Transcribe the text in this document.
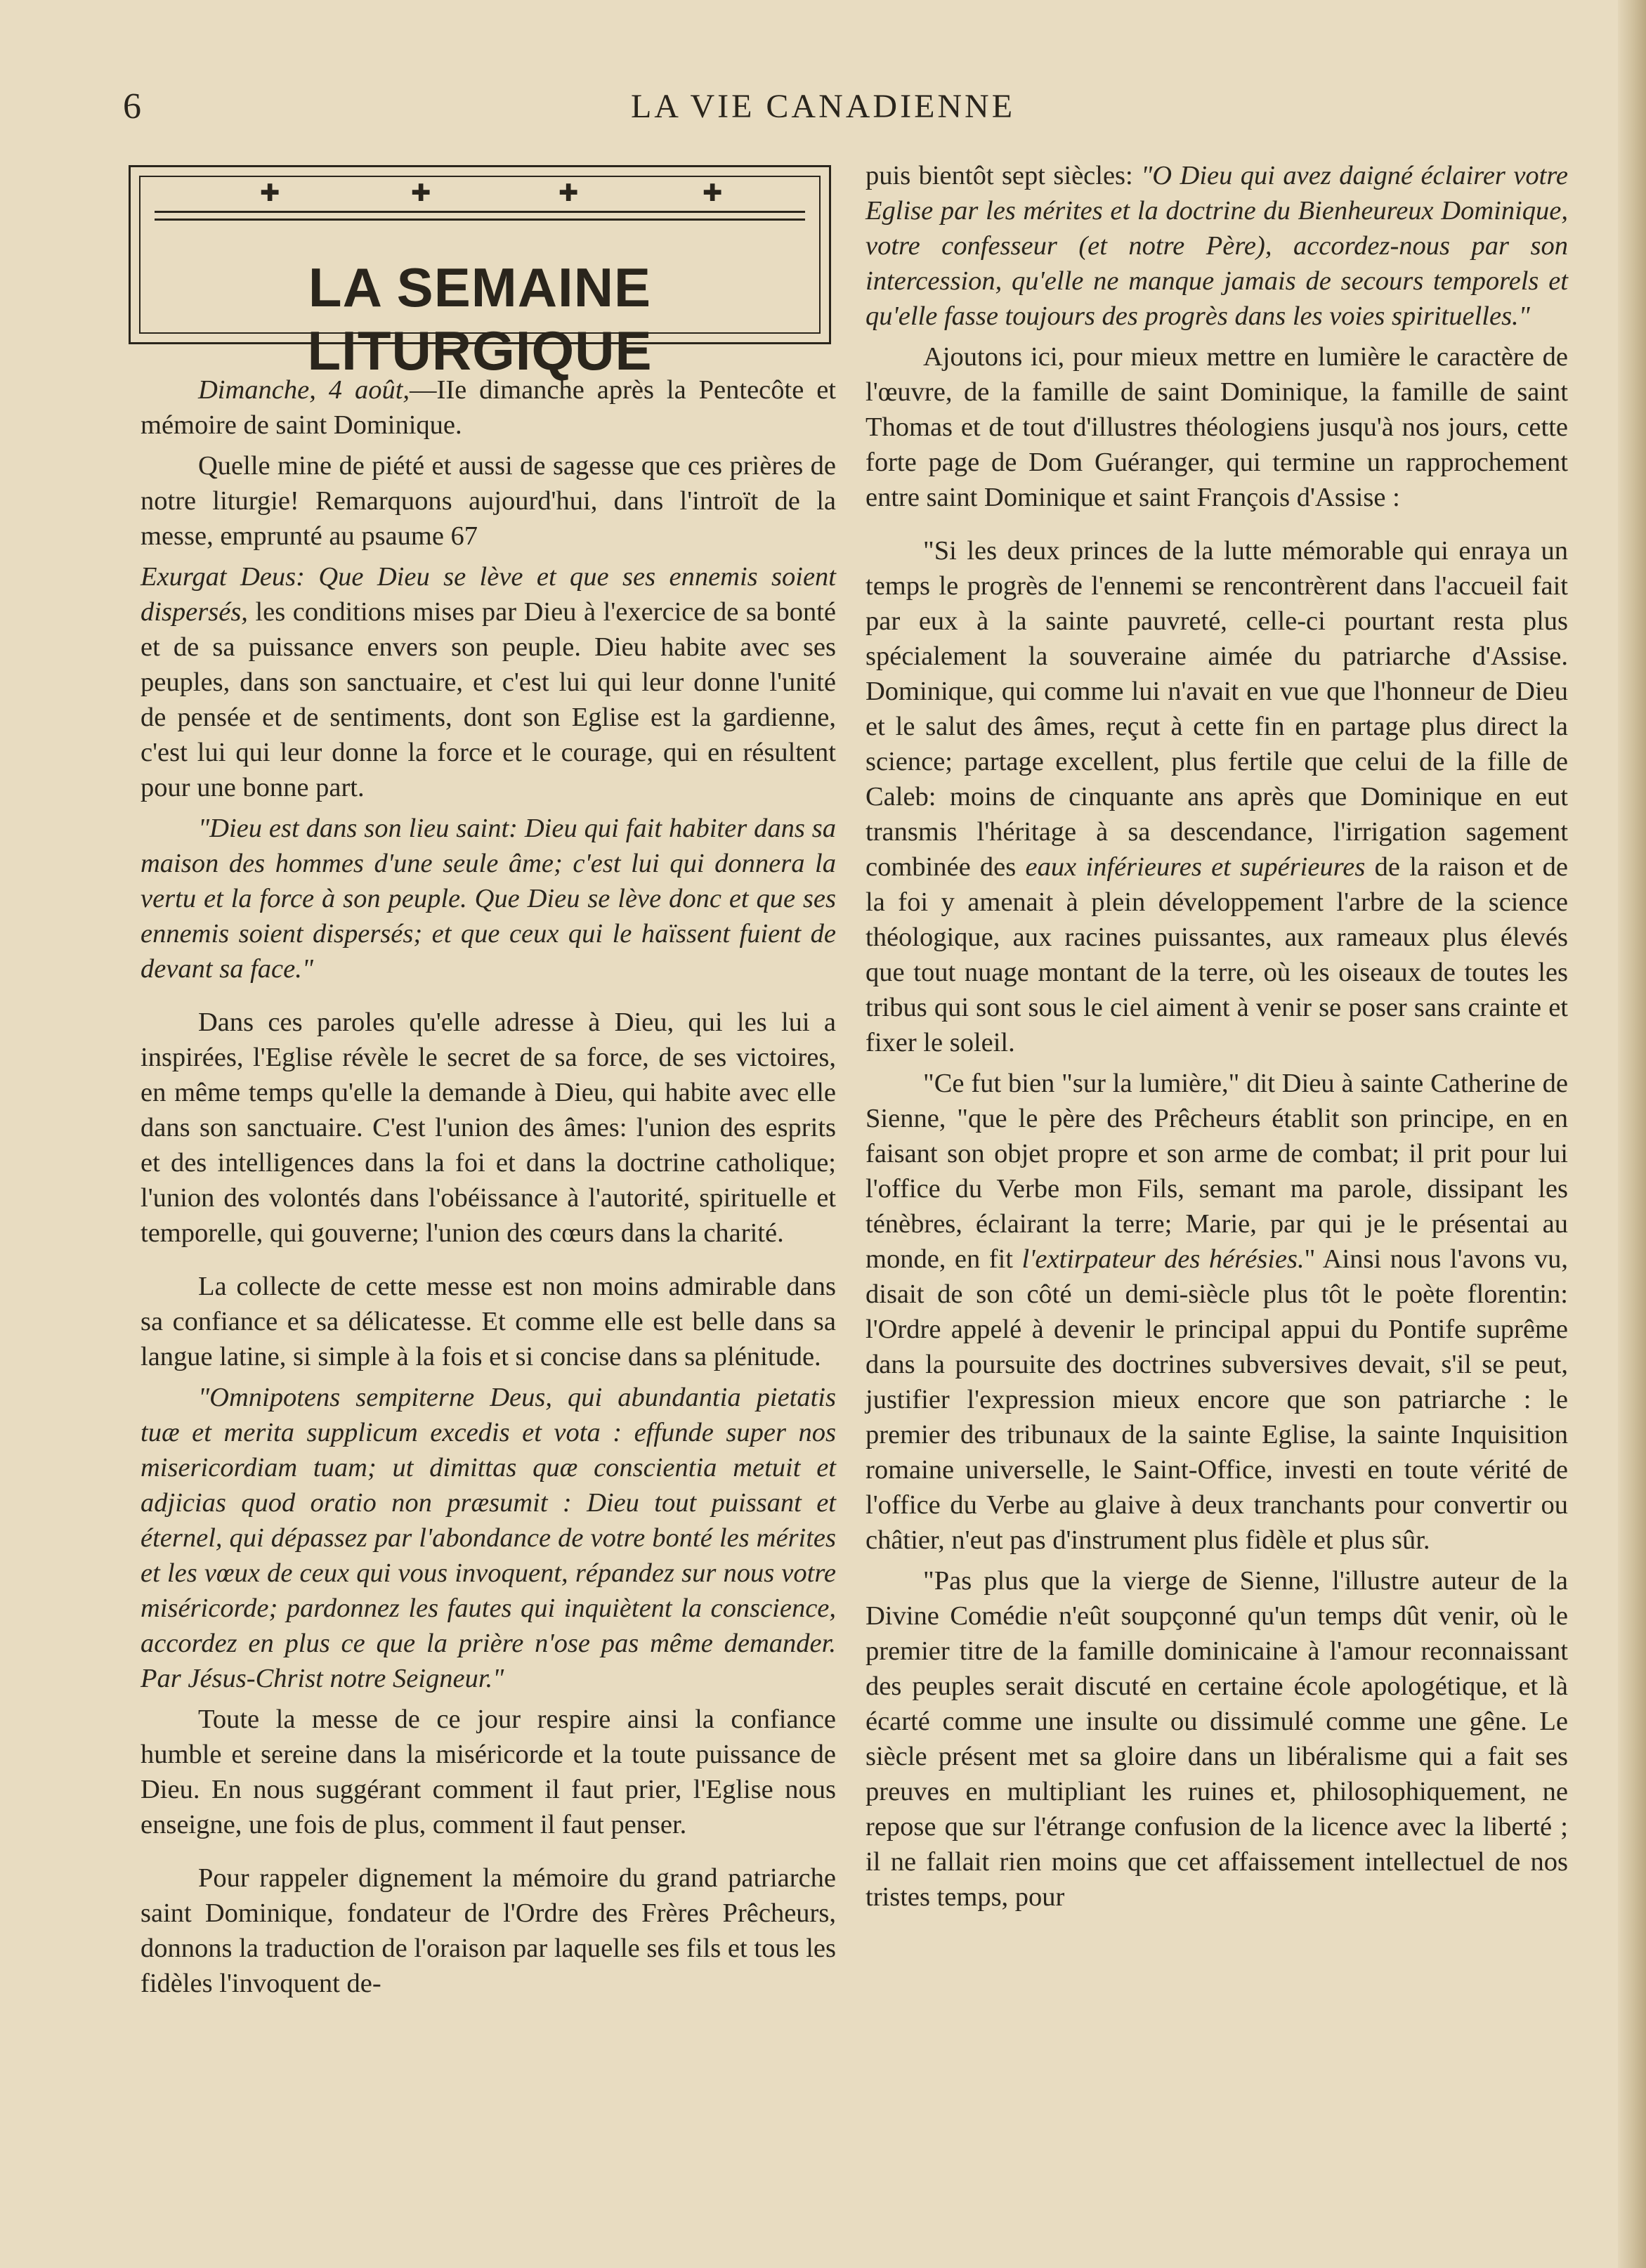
6	LA VIE CANADIENNE
✚	✚	✚	✚
LA SEMAINE LITURGIQUE

Dimanche, 4 août,—IIe dimanche après la Pentecôte et mémoire de saint Dominique.

Quelle mine de piété et aussi de sagesse que ces prières de notre liturgie! Remarquons aujourd'hui, dans l'introït de la messe, emprunté au psaume 67

Exurgat Deus: Que Dieu se lève et que ses ennemis soient dispersés, les conditions mises par Dieu à l'exercice de sa bonté et de sa puissance envers son peuple. Dieu habite avec ses peuples, dans son sanctuaire, et c'est lui qui leur donne l'unité de pensée et de sentiments, dont son Eglise est la gardienne, c'est lui qui leur donne la force et le courage, qui en résultent pour une bonne part.

"Dieu est dans son lieu saint: Dieu qui fait habiter dans sa maison des hommes d'une seule âme; c'est lui qui donnera la vertu et la force à son peuple. Que Dieu se lève donc et que ses ennemis soient dispersés; et que ceux qui le haïssent fuient de devant sa face."

Dans ces paroles qu'elle adresse à Dieu, qui les lui a inspirées, l'Eglise révèle le secret de sa force, de ses victoires, en même temps qu'elle la demande à Dieu, qui habite avec elle dans son sanctuaire. C'est l'union des âmes: l'union des esprits et des intelligences dans la foi et dans la doctrine catholique; l'union des volontés dans l'obéissance à l'autorité, spirituelle et temporelle, qui gouverne; l'union des cœurs dans la charité.

La collecte de cette messe est non moins admirable dans sa confiance et sa délicatesse. Et comme elle est belle dans sa langue latine, si simple à la fois et si concise dans sa plénitude.

"Omnipotens sempiterne Deus, qui abundantia pietatis tuæ et merita supplicum excedis et vota : effunde super nos misericordiam tuam; ut dimittas quæ conscientia metuit et adjicias quod oratio non præsumit : Dieu tout puissant et éternel, qui dépassez par l'abondance de votre bonté les mérites et les vœux de ceux qui vous invoquent, répandez sur nous votre miséricorde; pardonnez les fautes qui inquiètent la conscience, accordez en plus ce que la prière n'ose pas même demander. Par Jésus-Christ notre Seigneur."

Toute la messe de ce jour respire ainsi la confiance humble et sereine dans la miséricorde et la toute puissance de Dieu. En nous suggérant comment il faut prier, l'Eglise nous enseigne, une fois de plus, comment il faut penser.

Pour rappeler dignement la mémoire du grand patriarche saint Dominique, fondateur de l'Ordre des Frères Prêcheurs, donnons la traduction de l'oraison par laquelle ses fils et tous les fidèles l'invoquent de-

puis bientôt sept siècles: "O Dieu qui avez daigné éclairer votre Eglise par les mérites et la doctrine du Bienheureux Dominique, votre confesseur (et notre Père), accordez-nous par son intercession, qu'elle ne manque jamais de secours temporels et qu'elle fasse toujours des progrès dans les voies spirituelles."

Ajoutons ici, pour mieux mettre en lumière le caractère de l'œuvre, de la famille de saint Dominique, la famille de saint Thomas et de tout d'illustres théologiens jusqu'à nos jours, cette forte page de Dom Guéranger, qui termine un rapprochement entre saint Dominique et saint François d'Assise :

"Si les deux princes de la lutte mémorable qui enraya un temps le progrès de l'ennemi se rencontrèrent dans l'accueil fait par eux à la sainte pauvreté, celle-ci pourtant resta plus spécialement la souveraine aimée du patriarche d'Assise. Dominique, qui comme lui n'avait en vue que l'honneur de Dieu et le salut des âmes, reçut à cette fin en partage plus direct la science; partage excellent, plus fertile que celui de la fille de Caleb: moins de cinquante ans après que Dominique en eut transmis l'héritage à sa descendance, l'irrigation sagement combinée des eaux inférieures et supérieures de la raison et de la foi y amenait à plein développement l'arbre de la science théologique, aux racines puissantes, aux rameaux plus élevés que tout nuage montant de la terre, où les oiseaux de toutes les tribus qui sont sous le ciel aiment à venir se poser sans crainte et fixer le soleil.

"Ce fut bien "sur la lumière," dit Dieu à sainte Catherine de Sienne, "que le père des Prêcheurs établit son principe, en en faisant son objet propre et son arme de combat; il prit pour lui l'office du Verbe mon Fils, semant ma parole, dissipant les ténèbres, éclairant la terre; Marie, par qui je le présentai au monde, en fit l'extirpateur des hérésies." Ainsi nous l'avons vu, disait de son côté un demi-siècle plus tôt le poète florentin: l'Ordre appelé à devenir le principal appui du Pontife suprême dans la poursuite des doctrines subversives devait, s'il se peut, justifier l'expression mieux encore que son patriarche : le premier des tribunaux de la sainte Eglise, la sainte Inquisition romaine universelle, le Saint-Office, investi en toute vérité de l'office du Verbe au glaive à deux tranchants pour convertir ou châtier, n'eut pas d'instrument plus fidèle et plus sûr.

"Pas plus que la vierge de Sienne, l'illustre auteur de la Divine Comédie n'eût soupçonné qu'un temps dût venir, où le premier titre de la famille dominicaine à l'amour reconnaissant des peuples serait discuté en certaine école apologétique, et là écarté comme une insulte ou dissimulé comme une gêne. Le siècle présent met sa gloire dans un libéralisme qui a fait ses preuves en multipliant les ruines et, philosophiquement, ne repose que sur l'étrange confusion de la licence avec la liberté ; il ne fallait rien moins que cet affaissement intellectuel de nos tristes temps, pour
